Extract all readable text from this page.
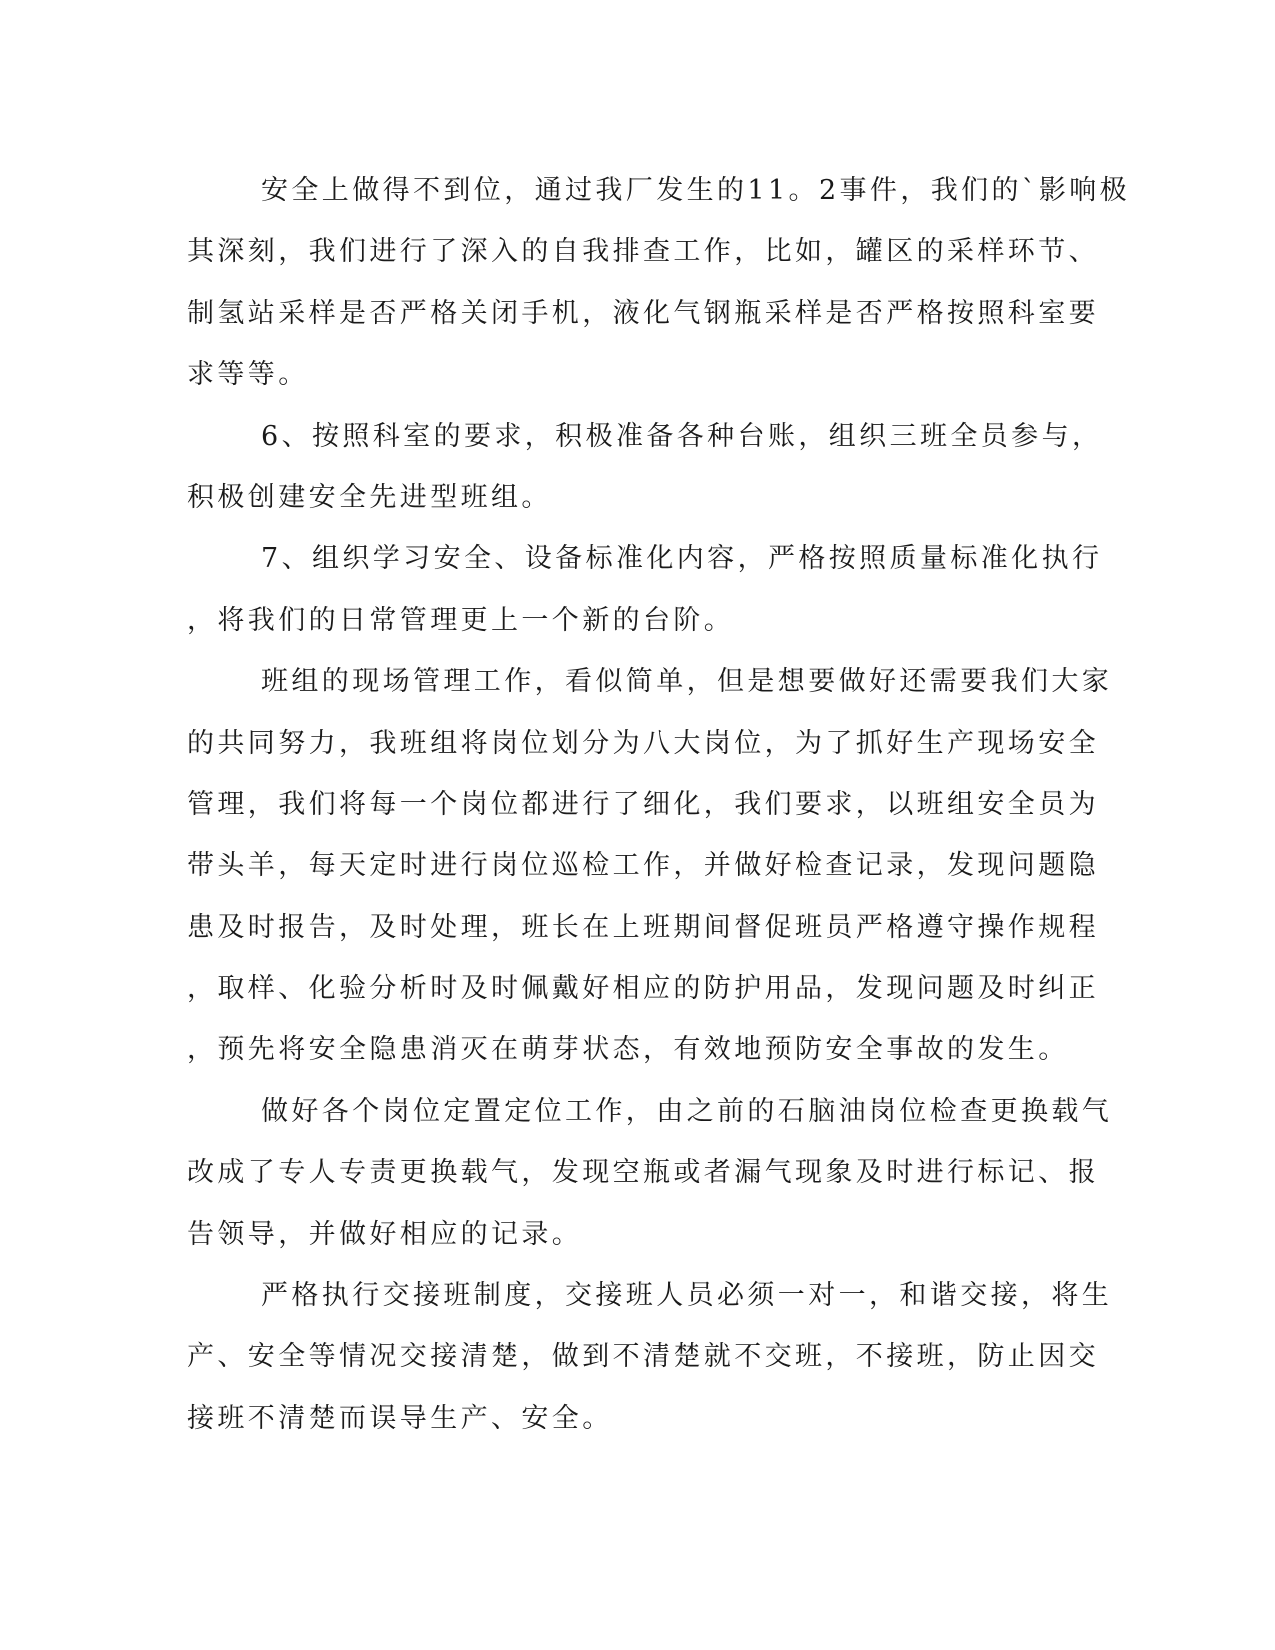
安全上做得不到位，通过我厂发生的11。2事件，我们的`影响极

其深刻，我们进行了深入的自我排查工作，比如，罐区的采样环节、

制氢站采样是否严格关闭手机，液化气钢瓶采样是否严格按照科室要

求等等。

6、按照科室的要求，积极准备各种台账，组织三班全员参与，

积极创建安全先进型班组。

7、组织学习安全、设备标准化内容，严格按照质量标准化执行

，将我们的日常管理更上一个新的台阶。

班组的现场管理工作，看似简单，但是想要做好还需要我们大家

的共同努力，我班组将岗位划分为八大岗位，为了抓好生产现场安全

管理，我们将每一个岗位都进行了细化，我们要求，以班组安全员为

带头羊，每天定时进行岗位巡检工作，并做好检查记录，发现问题隐

患及时报告，及时处理，班长在上班期间督促班员严格遵守操作规程

，取样、化验分析时及时佩戴好相应的防护用品，发现问题及时纠正

，预先将安全隐患消灭在萌芽状态，有效地预防安全事故的发生。

做好各个岗位定置定位工作，由之前的石脑油岗位检查更换载气

改成了专人专责更换载气，发现空瓶或者漏气现象及时进行标记、报

告领导，并做好相应的记录。

严格执行交接班制度，交接班人员必须一对一，和谐交接，将生

产、安全等情况交接清楚，做到不清楚就不交班，不接班，防止因交

接班不清楚而误导生产、安全。
